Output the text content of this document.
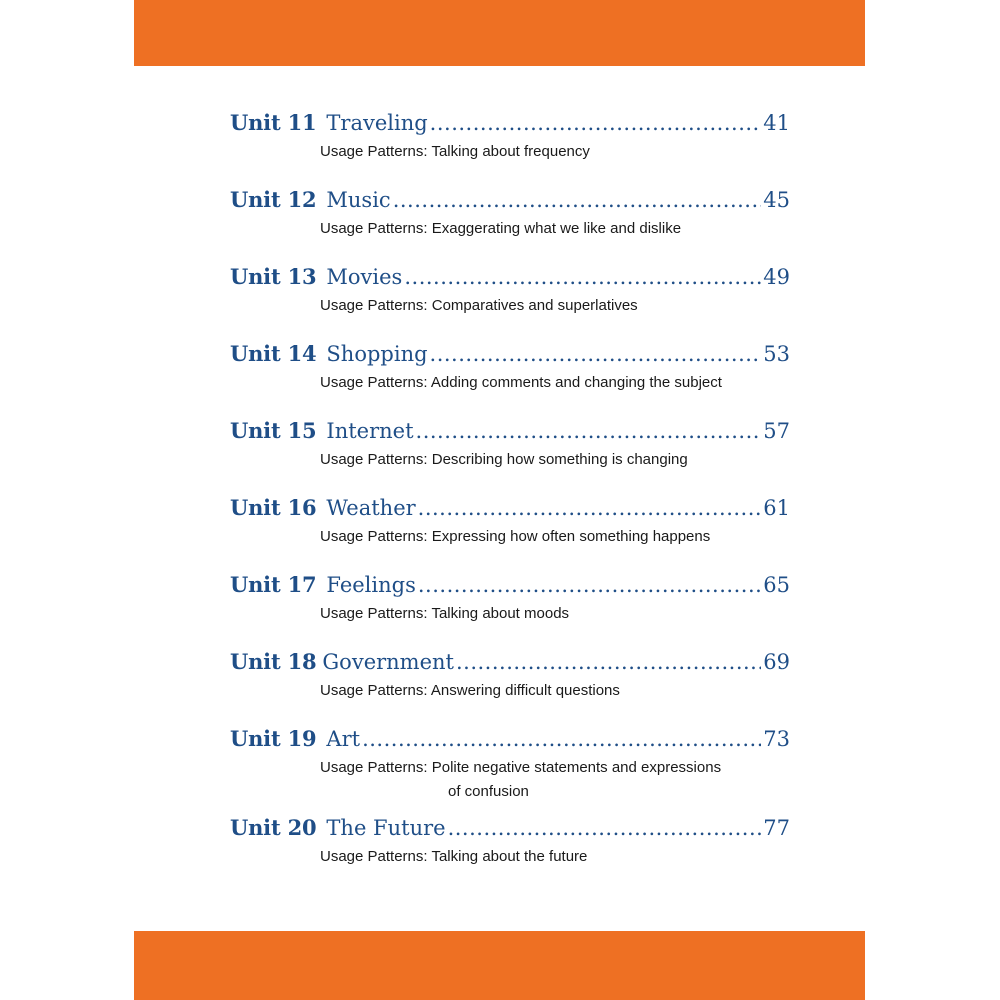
Unit 11 Traveling .....	41
Usage Patterns: Talking about frequency
Unit 12 Music .....	45
Usage Patterns: Exaggerating what we like and dislike
Unit 13 Movies .....	49
Usage Patterns: Comparatives and superlatives
Unit 14 Shopping .....	53
Usage Patterns: Adding comments and changing the subject
Unit 15 Internet .....	57
Usage Patterns: Describing how something is changing
Unit 16 Weather .....	61
Usage Patterns: Expressing how often something happens
Unit 17 Feelings .....	65
Usage Patterns: Talking about moods
Unit 18 Government .....	69
Usage Patterns: Answering difficult questions
Unit 19 Art .....	73
Usage Patterns: Polite negative statements and expressions
of confusion
Unit 20 The Future .....	77
Usage Patterns: Talking about the future
